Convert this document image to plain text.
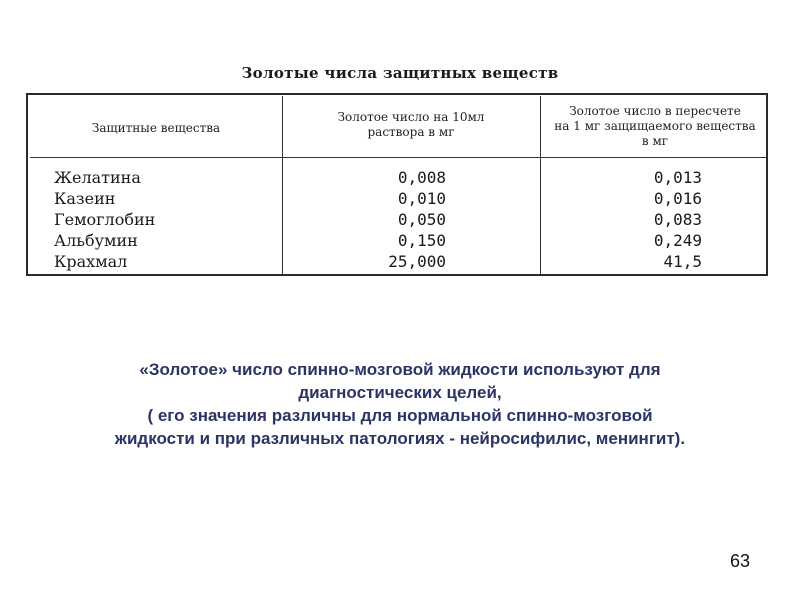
Золотые числа защитных веществ
Защитные вещества
Золотое число на 10мл
раствора в мг
Золотое число в пересчете
на 1 мг защищаемого вещества
в мг
Желатина
Казеин
Гемоглобин
Альбумин
Крахмал
0,008
0,010
0,050
0,150
25,000
0,013
0,016
0,083
0,249
41,5
«Золотое» число спинно-мозговой жидкости используют для
диагностических целей,
( его значения различны для нормальной спинно-мозговой
жидкости и при различных патологиях - нейросифилис, менингит).
63
